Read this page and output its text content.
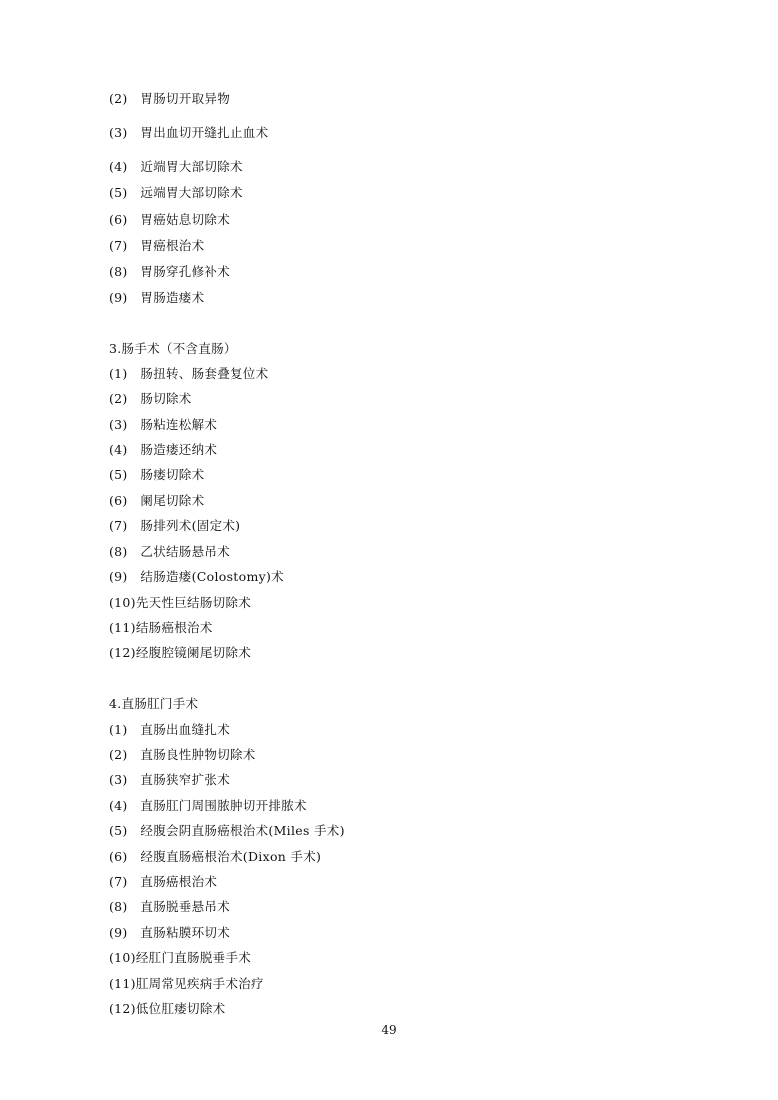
(2)　胃肠切开取异物
(3)　胃出血切开缝扎止血术
(4)　近端胃大部切除术
(5)　远端胃大部切除术
(6)　胃癌姑息切除术
(7)　胃癌根治术
(8)　胃肠穿孔修补术
(9)　胃肠造瘘术
3.肠手术（不含直肠）
(1)　肠扭转、肠套叠复位术
(2)　肠切除术
(3)　肠粘连松解术
(4)　肠造瘘还纳术
(5)　肠瘘切除术
(6)　阑尾切除术
(7)　肠排列术(固定术)
(8)　乙状结肠悬吊术
(9)　结肠造瘘(Colostomy)术
(10)先天性巨结肠切除术
(11)结肠癌根治术
(12)经腹腔镜阑尾切除术
4.直肠肛门手术
(1)　直肠出血缝扎术
(2)　直肠良性肿物切除术
(3)　直肠狭窄扩张术
(4)　直肠肛门周围脓肿切开排脓术
(5)　经腹会阴直肠癌根治术(Miles 手术)
(6)　经腹直肠癌根治术(Dixon 手术)
(7)　直肠癌根治术
(8)　直肠脱垂悬吊术
(9)　直肠粘膜环切术
(10)经肛门直肠脱垂手术
(11)肛周常见疾病手术治疗
(12)低位肛瘘切除术
49
